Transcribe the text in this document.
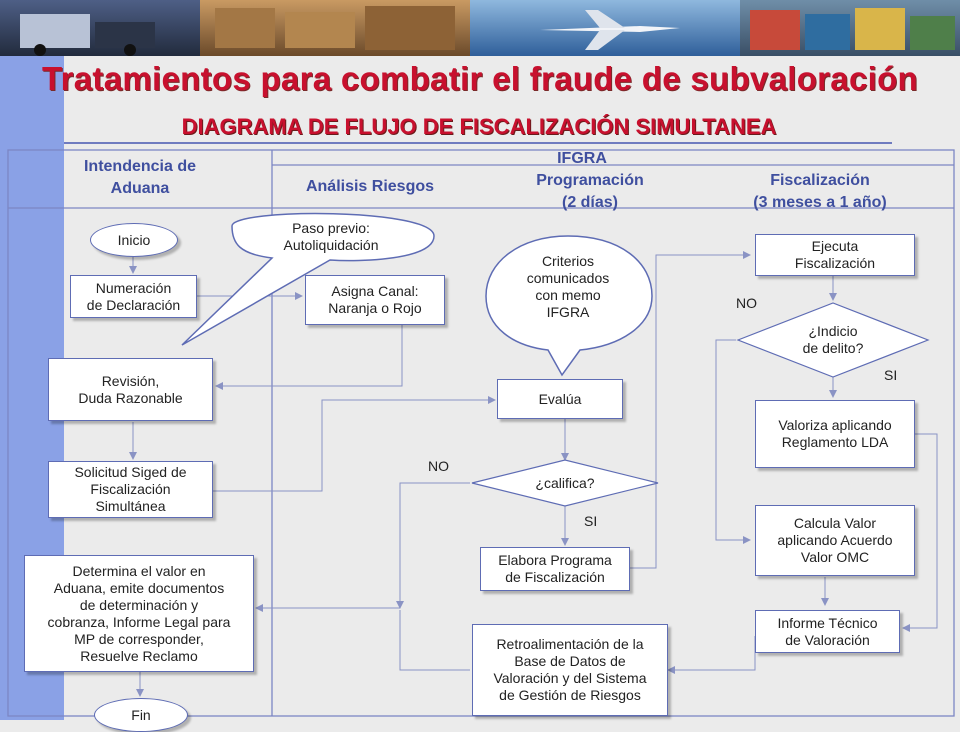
Tratamientos para combatir el fraude de subvaloración
DIAGRAMA DE FLUJO DE FISCALIZACIÓN SIMULTANEA
Intendencia de
Aduana
IFGRA
Análisis Riesgos	Programación
(2 días)
Fiscalización
(3 meses a 1 año)
Inicio
Numeración
de Declaración
Revisión,
Duda Razonable
Solicitud Siged de
Fiscalización
Simultánea
Determina el valor en
Aduana, emite documentos
de determinación y
cobranza, Informe Legal para
MP de corresponder,
Resuelve Reclamo
Fin
Asigna Canal:
Naranja o Rojo
Evalúa
¿califica?
Elabora Programa
de Fiscalización
Retroalimentación de la
Base de Datos de
Valoración y del Sistema
de Gestión de Riesgos
Ejecuta
Fiscalización
¿Indicio
de delito?
Valoriza aplicando
Reglamento LDA
Calcula Valor
aplicando Acuerdo
Valor OMC
Informe Técnico
de Valoración
Paso previo:
Autoliquidación
Criterios
comunicados
con memo
IFGRA
NO
SI
NO
SI
